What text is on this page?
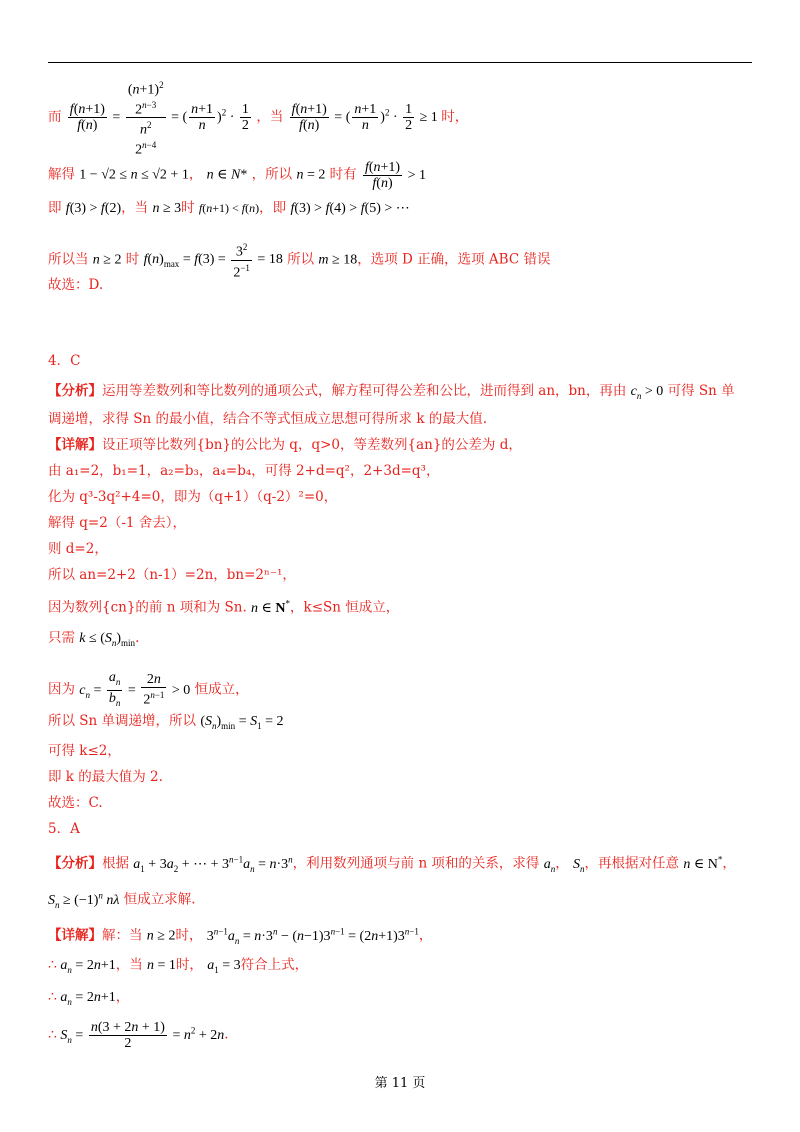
而 $\frac{f(n+1)}{f(n)}$ =
$(n+1)^2$
$2^{n-3}$
$n^2$
$2^{n-4}$
= ( $\frac{n+1}{n} )^2 \cdot \frac{1}{2}$ ，当 $\frac{f(n+1)}{f(n)}$ = ( $\frac{n+1}{n} )^2 \cdot \frac{1}{2} \ge 1$ 时，
解得 1 − √2 ≤ n ≤ √2 + 1， n ∈ N* ，所以 n = 2 时有 $\frac{f(n+1)}{f(n)} > 1$
即 f(3) > f(2)，当 n ≥ 3时 f(n+1) < f(n)，即 f(3) > f(4) > f(5) > ⋯
所以当 n ≥ 2 时 $f(n)_{max} = f(3) = \frac{3^2}{2^{-1}} = 18$ 所以 m ≥ 18，选项 D 正确，选项 ABC 错误
故选：D.
4．C
【分析】运用等差数列和等比数列的通项公式，解方程可得公差和公比，进而得到 an，bn，再由 $c_n > 0$ 可得 Sn 单
调递增，求得 Sn 的最小值，结合不等式恒成立思想可得所求 k 的最大值.
【详解】设正项等比数列{bn}的公比为 q，q>0，等差数列{an}的公差为 d，
由 a₁=2，b₁=1，a₂=b₃，a₄=b₄，可得 2+d=q²，2+3d=q³，
化为 q³-3q²+4=0，即为（q+1）（q-2）²=0，
解得 q=2（-1 舍去），
则 d=2，
所以 an=2+2（n-1）=2n，bn=2ⁿ⁻¹，
因为数列{cn}的前 n 项和为 Sn. n ∈ N*，k≤Sn 恒成立，
只需 $k \le (S_n)_{min}$.
因为 $c_n = \frac{a_n}{b_n} = \frac{2n}{2^{n-1}} > 0$ 恒成立，
所以 Sn 单调递增，所以 $(S_n)_{min} = S_1 = 2$
可得 k≤2，
即 k 的最大值为 2.
故选：C.
5．A
【分析】根据 $a_1 + 3a_2$ + ⋯ + $3^{n-1}a_n = n\cdot 3^n$，利用数列通项与前 n 项和的关系，求得 $a_n$， $S_n$，再根据对任意 n ∈ N*，
$S_n \ge (-1)^n$ nλ 恒成立求解.
【详解】解：当 n ≥ 2时， $3^{n-1}a_n = n\cdot 3^n - (n-1)3^{n-1} = (2n+1)3^{n-1}$，
∴ $a_n = 2n+1$，当 n = 1时， $a_1 = 3$符合上式，
∴ $a_n = 2n+1$，
∴ $S_n = \frac{n(3 + 2n + 1)}{2} = n^2 + 2n$.
第 11 页
